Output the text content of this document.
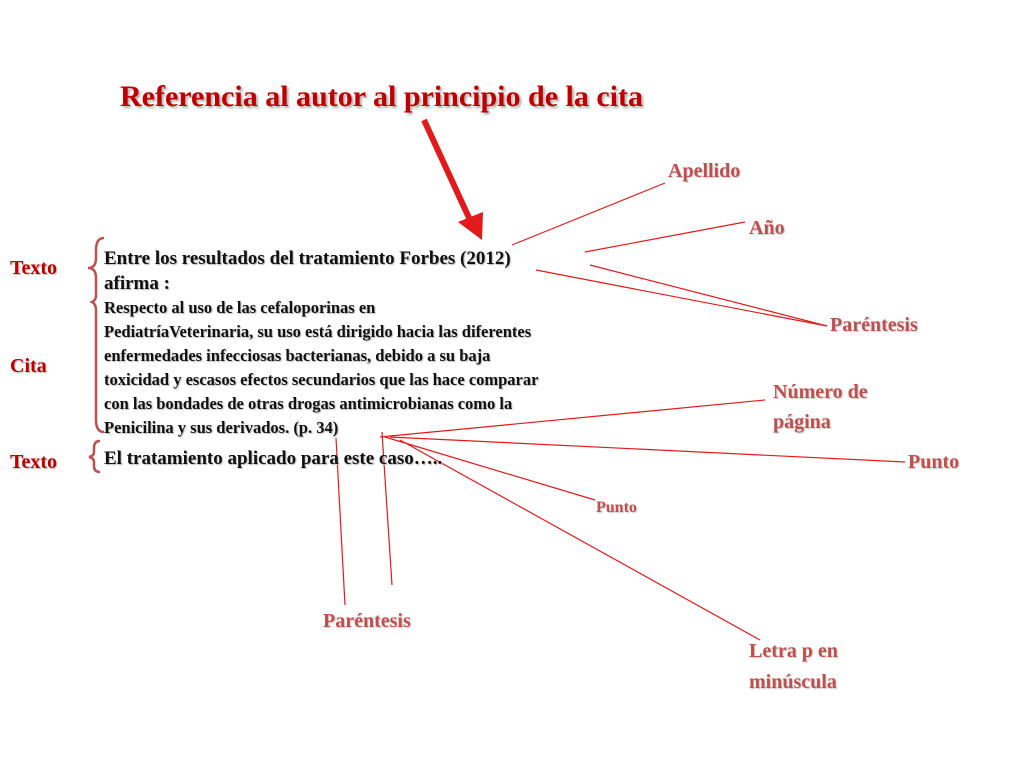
Referencia al autor al principio de la cita
Texto
Cita
Texto
Entre los resultados del tratamiento Forbes (2012)
afirma :
Respecto al uso de las cefaloporinas en
PediatríaVeterinaria, su uso está dirigido hacia las diferentes
enfermedades infecciosas bacterianas, debido a su baja
toxicidad y escasos efectos secundarios que las hace comparar
con las bondades de otras drogas antimicrobianas como la
Penicilina y sus derivados. (p. 34)
El tratamiento aplicado para este caso…..
Apellido
Año
Paréntesis
Número de
página
Punto
Punto
Paréntesis
Letra p en
minúscula
